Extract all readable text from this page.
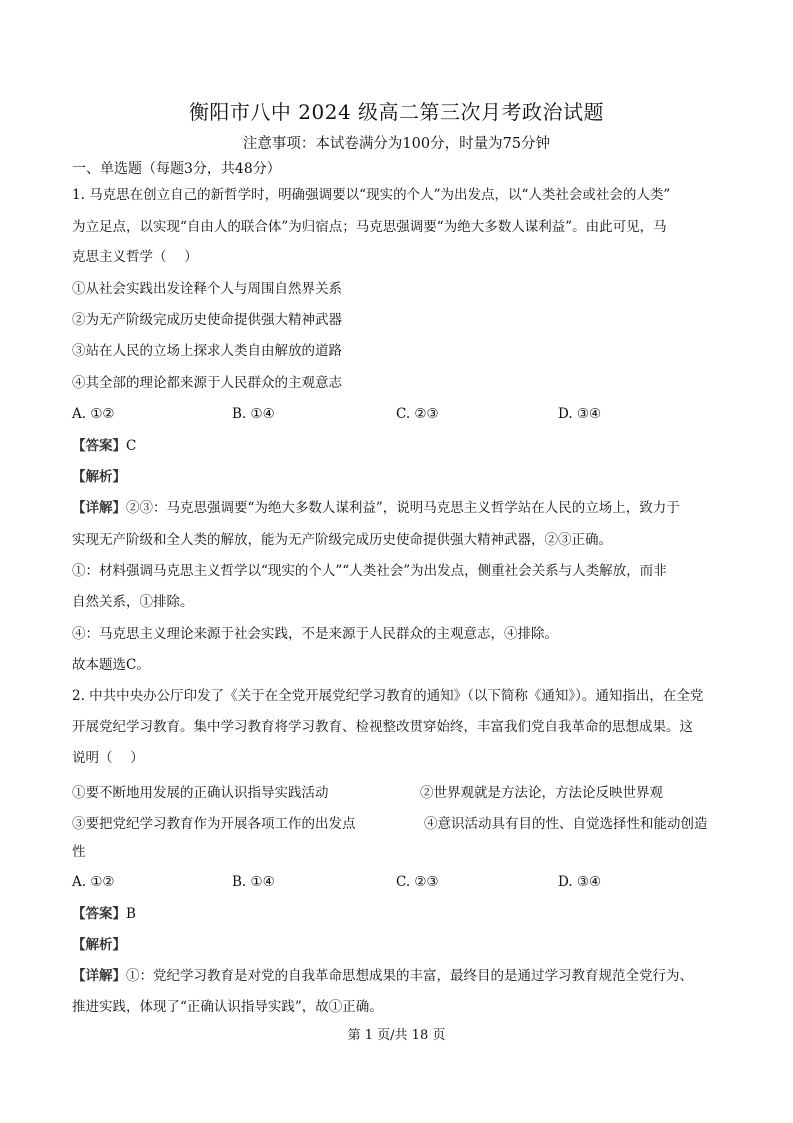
衡阳市八中 2024 级高二第三次月考政治试题
注意事项：本试卷满分为100分，时量为75分钟
一、单选题（每题3分，共48分）
1. 马克思在创立自己的新哲学时，明确强调要以“现实的个人”为出发点，以“人类社会或社会的人类”
为立足点，以实现“自由人的联合体”为归宿点；马克思强调要“为绝大多数人谋利益”。由此可见，马
克思主义哲学（　 ）
①从社会实践出发诠释个人与周围自然界关系
②为无产阶级完成历史使命提供强大精神武器
③站在人民的立场上探求人类自由解放的道路
④其全部的理论都来源于人民群众的主观意志
A. ①②	B. ①④	C. ②③	D. ③④
【答案】C
【解析】
【详解】②③：马克思强调要“为绝大多数人谋利益”，说明马克思主义哲学站在人民的立场上，致力于
实现无产阶级和全人类的解放，能为无产阶级完成历史使命提供强大精神武器，②③正确。
①：材料强调马克思主义哲学以“现实的个人”“人类社会”为出发点，侧重社会关系与人类解放，而非
自然关系，①排除。
④：马克思主义理论来源于社会实践，不是来源于人民群众的主观意志，④排除。
故本题选C。
2. 中共中央办公厅印发了《关于在全党开展党纪学习教育的通知》（以下简称《通知》）。通知指出，在全党
开展党纪学习教育。集中学习教育将学习教育、检视整改贯穿始终，丰富我们党自我革命的思想成果。这
说明（　 ）
①要不断地用发展的正确认识指导实践活动	②世界观就是方法论，方法论反映世界观
③要把党纪学习教育作为开展各项工作的出发点	④意识活动具有目的性、自觉选择性和能动创造
性
A. ①②	B. ①④	C. ②③	D. ③④
【答案】B
【解析】
【详解】①：党纪学习教育是对党的自我革命思想成果的丰富，最终目的是通过学习教育规范全党行为、
推进实践，体现了“正确认识指导实践”，故①正确。
第 1 页/共 18 页
